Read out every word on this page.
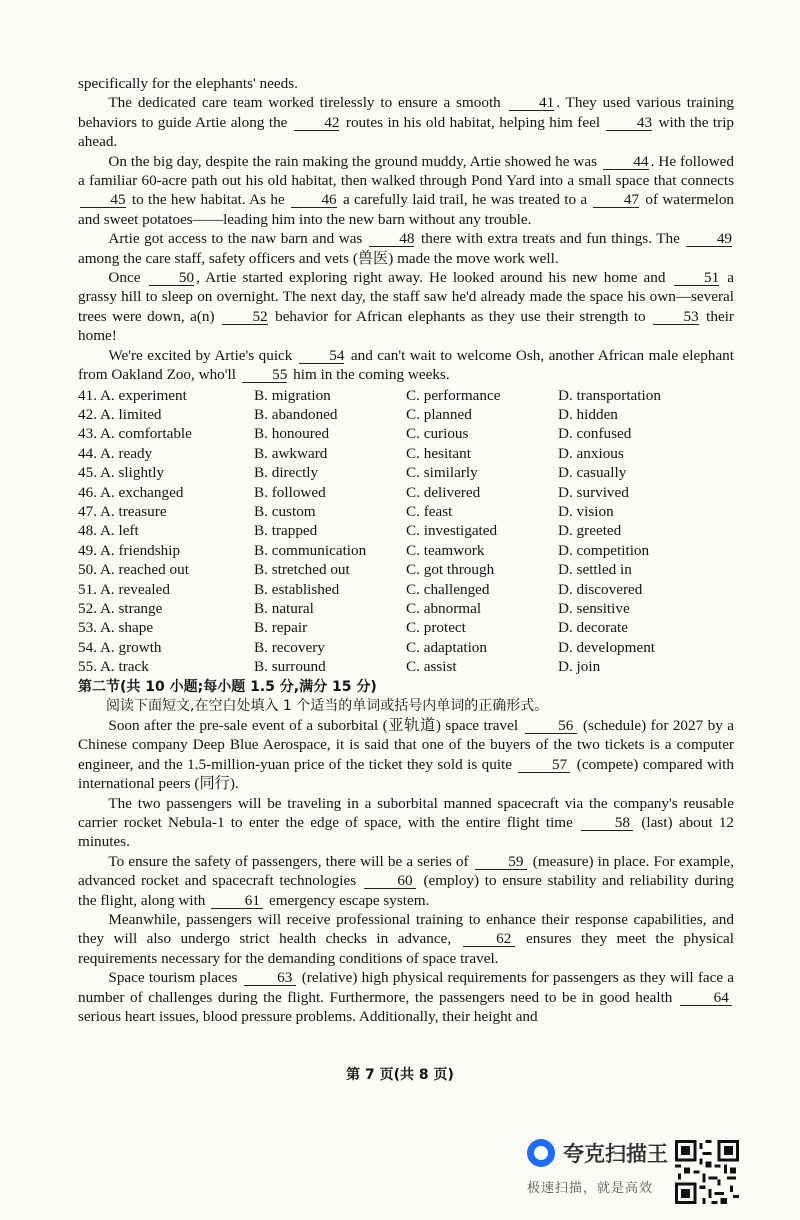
specifically for the elephants' needs.

The dedicated care team worked tirelessly to ensure a smooth	41 . They used various training behaviors to guide Artie along the 42 routes in his old habitat, helping him feel 43 with the trip ahead.

On the big day, despite the rain making the ground muddy, Artie showed he was 44 . He followed a familiar 60-acre path out his old habitat, then walked through Pond Yard into a small space that connects 45 to the hew habitat. As he 46 a carefully laid trail, he was treated to a 47 of watermelon and sweet potatoes——leading him into the new barn without any trouble.

Artie got access to the naw barn and was 48 there with extra treats and fun things. The 49 among the care staff, safety officers and vets (兽医) made the move work well.

Once	50 , Artie started exploring right away. He looked around his new home and	51 a grassy hill to sleep on overnight. The next day, the staff saw he'd already made the space his own—several trees were down, a(n) 52 behavior for African elephants as they use their strength to 53 their home!

We're excited by Artie's quick 54 and can't wait to welcome Osh, another African male elephant from Oakland Zoo, who'll 55 him in the coming weeks.

41. A. experiment	B. migration	C. performance	D. transportation
42. A. limited	B. abandoned	C. planned	D. hidden
43. A. comfortable	B. honoured	C. curious	D. confused
44. A. ready	B. awkward	C. hesitant	D. anxious
45. A. slightly	B. directly	C. similarly	D. casually
46. A. exchanged	B. followed	C. delivered	D. survived
47. A. treasure	B. custom	C. feast	D. vision
48. A. left	B. trapped	C. investigated	D. greeted
49. A. friendship	B. communication	C. teamwork	D. competition
50. A. reached out	B. stretched out	C. got through	D. settled in
51. A. revealed	B. established	C. challenged	D. discovered
52. A. strange	B. natural	C. abnormal	D. sensitive
53. A. shape	B. repair	C. protect	D. decorate
54. A. growth	B. recovery	C. adaptation	D. development
55. A. track	B. surround	C. assist	D. join
第二节(共 10 小题;每小题 1.5 分,满分 15 分)

阅读下面短文,在空白处填入 1 个适当的单词或括号内单词的正确形式。

Soon after the pre-sale event of a suborbital (亚轨道) space travel	56 (schedule) for 2027 by a Chinese company Deep Blue Aerospace, it is said that one of the buyers of the two tickets is a computer engineer, and the 1.5-million-yuan price of the ticket they sold is quite	57 (compete) compared with international peers (同行).

The two passengers will be traveling in a suborbital manned spacecraft via the company's reusable carrier rocket Nebula-1 to enter the edge of space, with the entire flight time	58 (last) about 12 minutes.

To ensure the safety of passengers, there will be a series of	59 (measure) in place. For example, advanced rocket and spacecraft technologies	60 (employ) to ensure stability and reliability during the flight, along with	61 emergency escape system.

Meanwhile, passengers will receive professional training to enhance their response capabilities, and they will also undergo strict health checks in advance,	62 ensures they meet the physical requirements necessary for the demanding conditions of space travel.

Space tourism places	63 (relative) high physical requirements for passengers as they will face a number of challenges during the flight. Furthermore, the passengers need to be in good health	64 serious heart issues, blood pressure problems. Additionally, their height and

第 7 页(共 8 页)
夸克扫描王
极速扫描，就是高效
